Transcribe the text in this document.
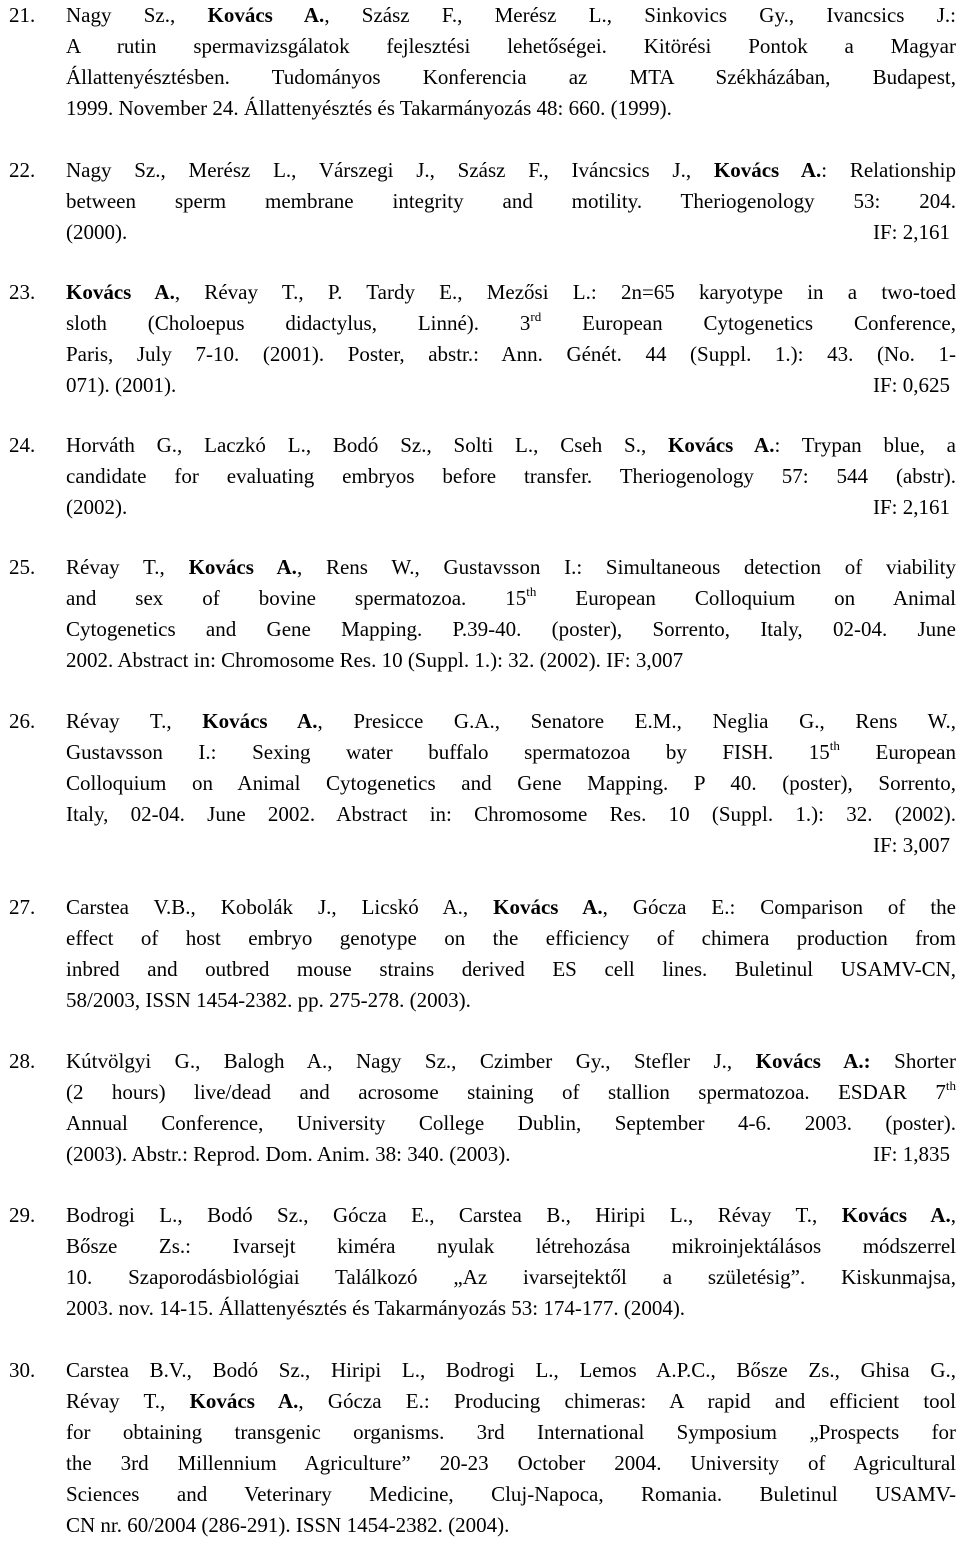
21.	Nagy Sz., Kovács A., Szász F., Merész L., Sinkovics Gy., Ivancsics J.:
A rutin spermavizsgálatok fejlesztési lehetőségei. Kitörési Pontok a Magyar
Állattenyésztésben. Tudományos Konferencia az MTA Székházában, Budapest,
1999. November 24. Állattenyésztés és Takarmányozás 48: 660. (1999).
22.	Nagy Sz., Merész L., Várszegi J., Szász F., Iváncsics J., Kovács A.: Relationship
between sperm membrane integrity and motility. Theriogenology 53: 204.
(2000).	IF: 2,161
23.	Kovács A., Révay T., P. Tardy E., Mezősi L.: 2n=65 karyotype in a two-toed
sloth (Choloepus didactylus, Linné). 3rd European Cytogenetics Conference,
Paris, July 7-10. (2001). Poster, abstr.: Ann. Génét. 44 (Suppl. 1.): 43. (No. 1-
071). (2001).	IF: 0,625
24.	Horváth G., Laczkó L., Bodó Sz., Solti L., Cseh S., Kovács A.: Trypan blue, a
candidate for evaluating embryos before transfer. Theriogenology 57: 544 (abstr).
(2002).	IF: 2,161
25.	Révay T., Kovács A., Rens W., Gustavsson I.: Simultaneous detection of viability
and sex of bovine spermatozoa. 15th European Colloquium on Animal
Cytogenetics and Gene Mapping. P.39-40. (poster), Sorrento, Italy, 02-04. June
2002. Abstract in: Chromosome Res. 10 (Suppl. 1.): 32. (2002). IF: 3,007
26.	Révay T., Kovács A., Presicce G.A., Senatore E.M., Neglia G., Rens W.,
Gustavsson I.: Sexing water buffalo spermatozoa by FISH. 15th European
Colloquium on Animal Cytogenetics and Gene Mapping. P 40. (poster), Sorrento,
Italy, 02-04. June 2002. Abstract in: Chromosome Res. 10 (Suppl. 1.): 32. (2002).
IF: 3,007
27.	Carstea V.B., Kobolák J., Licskó A., Kovács A., Gócza E.: Comparison of the
effect of host embryo genotype on the efficiency of chimera production from
inbred and outbred mouse strains derived ES cell lines. Buletinul USAMV-CN,
58/2003, ISSN 1454-2382. pp. 275-278. (2003).
28.	Kútvölgyi G., Balogh A., Nagy Sz., Czimber Gy., Stefler J., Kovács A.: Shorter
(2 hours) live/dead and acrosome staining of stallion spermatozoa. ESDAR 7th
Annual Conference, University College Dublin, September 4-6. 2003. (poster).
(2003). Abstr.: Reprod. Dom. Anim. 38: 340. (2003).	IF: 1,835
29.	Bodrogi L., Bodó Sz., Gócza E., Carstea B., Hiripi L., Révay T., Kovács A.,
Bősze Zs.: Ivarsejt kiméra nyulak létrehozása mikroinjektálásos módszerrel
10. Szaporodásbiológiai Találkozó „Az ivarsejtektől a születésig”. Kiskunmajsa,
2003. nov. 14-15. Állattenyésztés és Takarmányozás 53: 174-177. (2004).
30.	Carstea B.V., Bodó Sz., Hiripi L., Bodrogi L., Lemos A.P.C., Bősze Zs., Ghisa G.,
Révay T., Kovács A., Gócza E.: Producing chimeras: A rapid and efficient tool
for obtaining transgenic organisms. 3rd International Symposium „Prospects for
the 3rd Millennium Agriculture” 20-23 October 2004. University of Agricultural
Sciences and Veterinary Medicine, Cluj-Napoca, Romania. Buletinul USAMV-
CN nr. 60/2004 (286-291). ISSN 1454-2382. (2004).
